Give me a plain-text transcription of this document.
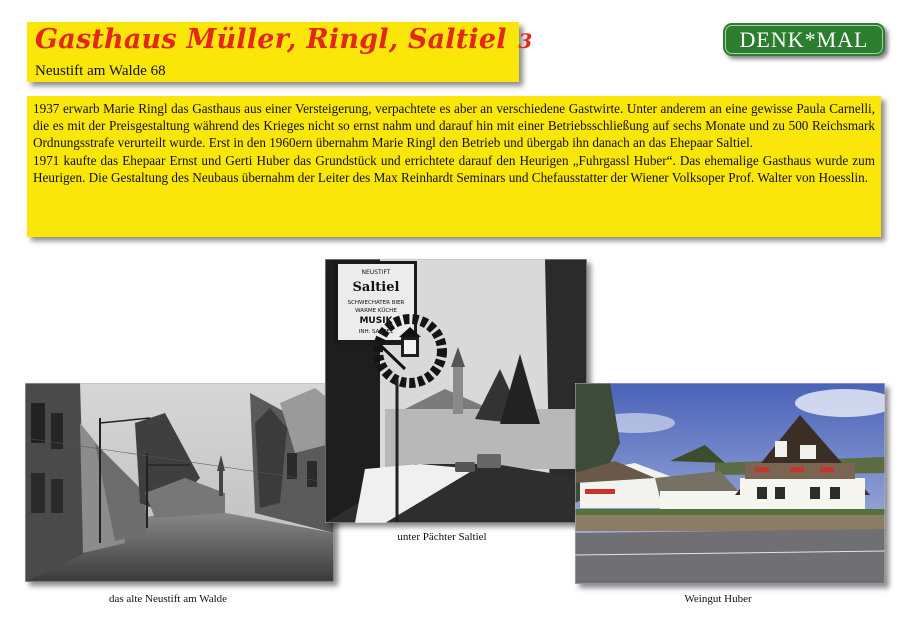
Gasthaus Müller, Ringl, Saltiel 3
Neustift am Walde 68
DENK*MAL

1937 erwarb Marie Ringl das Gasthaus aus einer Versteigerung, verpachtete es aber an verschiedene Gastwirte. Unter anderem an eine gewisse Paula Carnelli, die es mit der Preisgestaltung während des Krieges nicht so ernst nahm und darauf hin mit einer Betriebsschließung auf sechs Monate und zu 500 Reichsmark Ordnungsstrafe verurteilt wurde. Erst in den 1960ern übernahm Marie Ringl den Betrieb und übergab ihn danach an das Ehepaar Saltiel.

1971 kaufte das Ehepaar Ernst und Gerti Huber das Grundstück und errichtete darauf den Heurigen „Fuhrgassl Huber“. Das ehemalige Gasthaus wurde zum Heurigen. Die Gestaltung des Neubaus übernahm der Leiter des Max Reinhardt Seminars und Chefausstatter der Wiener Volksoper Prof. Walter von Hoesslin.

das alte Neustift am Walde
NEUSTIFT
Saltiel
SCHWECHATER BIER
WARME KÜCHE
MUSIK
INH. SALTIEL
unter Pächter Saltiel
Weingut Huber
